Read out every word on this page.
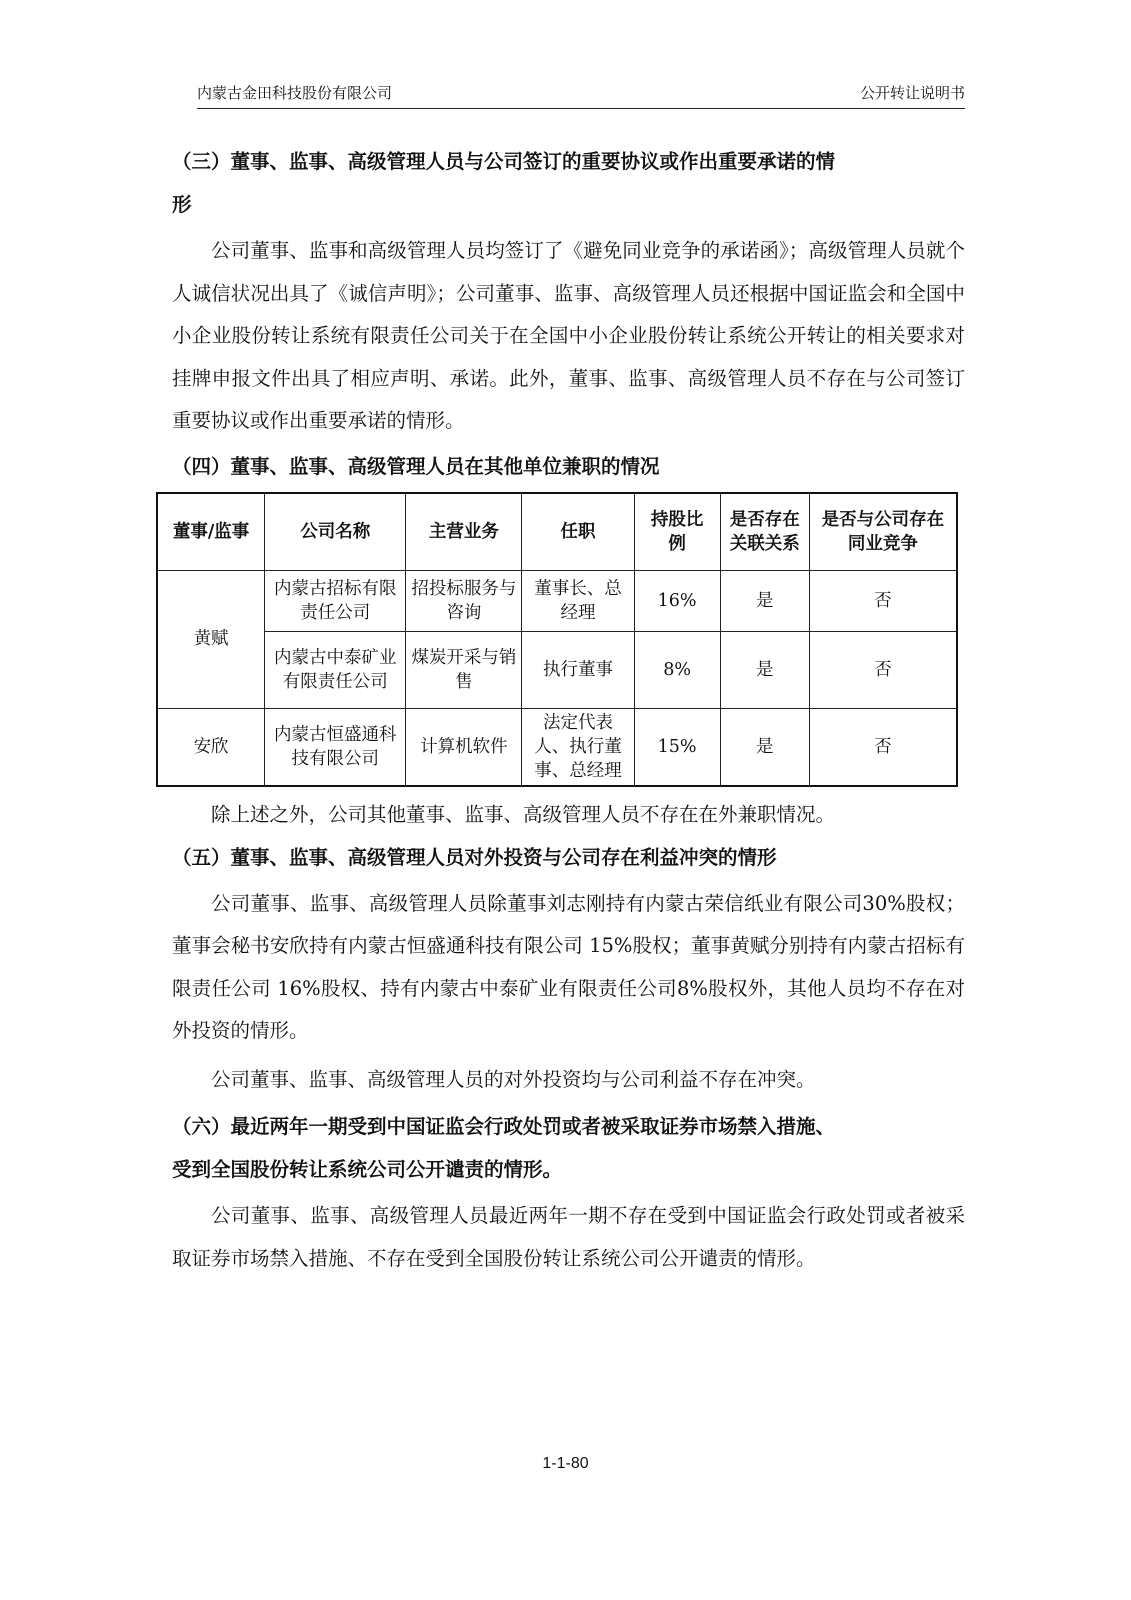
内蒙古金田科技股份有限公司	公开转让说明书

（三）董事、监事、高级管理人员与公司签订的重要协议或作出重要承诺的情

形

公司董事、监事和高级管理人员均签订了《避免同业竞争的承诺函》；高级管理人员就个人诚信状况出具了《诚信声明》；公司董事、监事、高级管理人员还根据中国证监会和全国中小企业股份转让系统有限责任公司关于在全国中小企业股份转让系统公开转让的相关要求对挂牌申报文件出具了相应声明、承诺。此外，董事、监事、高级管理人员不存在与公司签订重要协议或作出重要承诺的情形。

（四）董事、监事、高级管理人员在其他单位兼职的情况

董事/监事	公司名称	主营业务	任职	持股比例	是否存在关联关系	是否与公司存在同业竞争
黄赋	内蒙古招标有限责任公司	招投标服务与咨询	董事长、总经理	16%	是	否
	内蒙古中泰矿业有限责任公司	煤炭开采与销售	执行董事	8%	是	否
安欣	内蒙古恒盛通科技有限公司	计算机软件	法定代表人、执行董事、总经理	15%	是	否

除上述之外，公司其他董事、监事、高级管理人员不存在在外兼职情况。

（五）董事、监事、高级管理人员对外投资与公司存在利益冲突的情形

公司董事、监事、高级管理人员除董事刘志刚持有内蒙古荣信纸业有限公司30%股权；董事会秘书安欣持有内蒙古恒盛通科技有限公司 15%股权；董事黄赋分别持有内蒙古招标有限责任公司 16%股权、持有内蒙古中泰矿业有限责任公司8%股权外，其他人员均不存在对外投资的情形。

公司董事、监事、高级管理人员的对外投资均与公司利益不存在冲突。

（六）最近两年一期受到中国证监会行政处罚或者被采取证券市场禁入措施、

受到全国股份转让系统公司公开谴责的情形。

公司董事、监事、高级管理人员最近两年一期不存在受到中国证监会行政处罚或者被采取证券市场禁入措施、不存在受到全国股份转让系统公司公开谴责的情形。

1-1-80
